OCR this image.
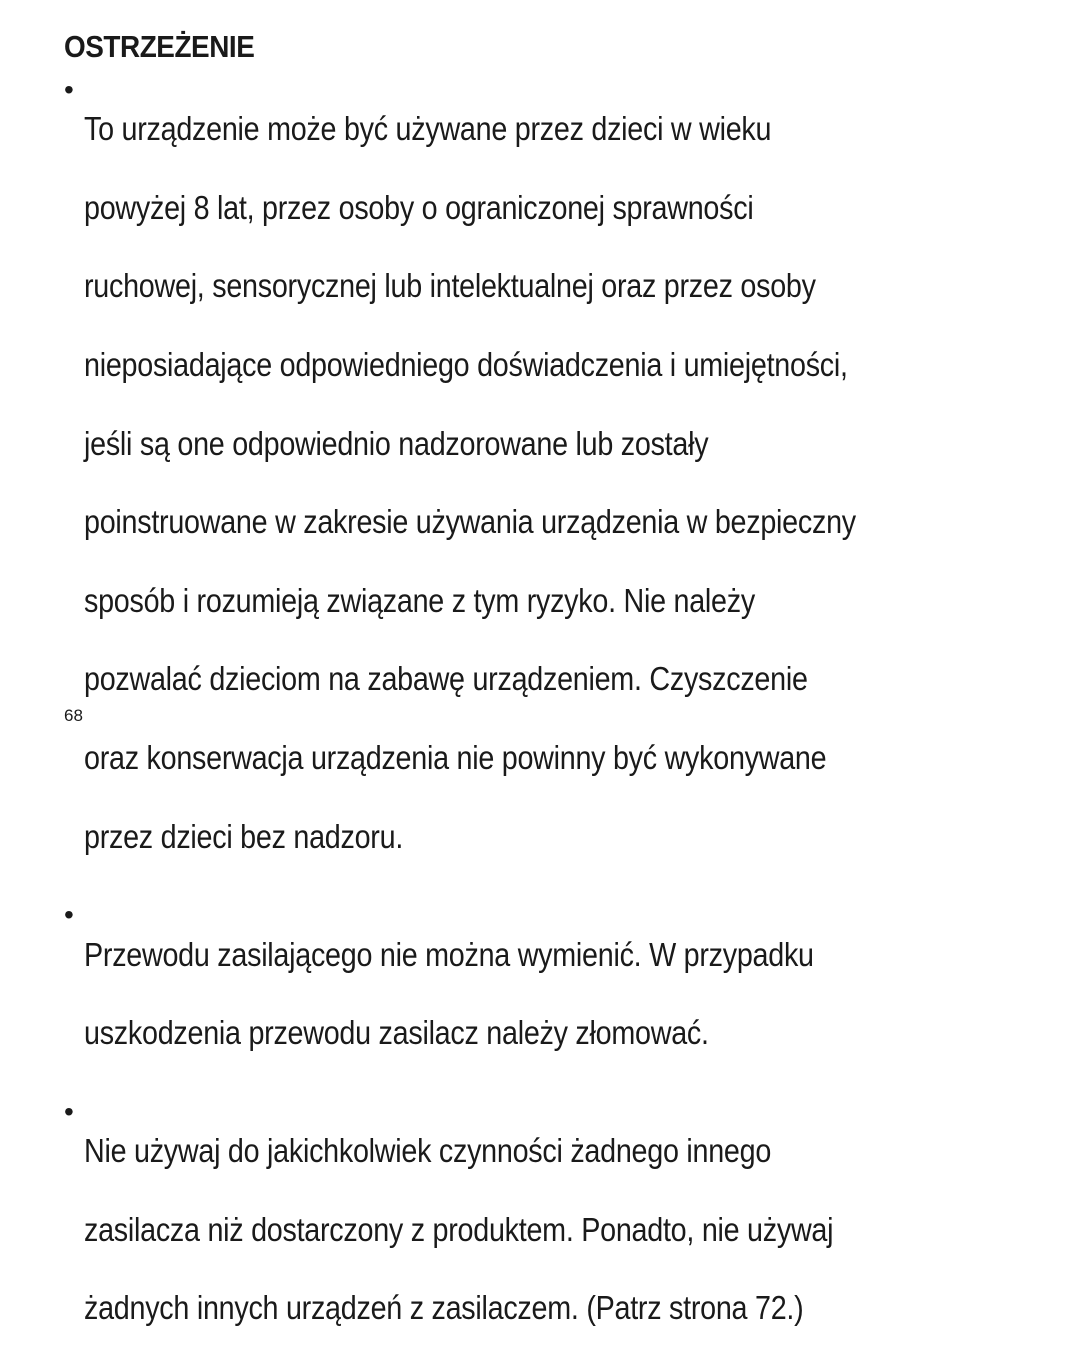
OSTRZEŻENIE
•

To urządzenie może być używane przez dzieci w wieku

powyżej 8 lat, przez osoby o ograniczonej sprawności

ruchowej, sensorycznej lub intelektualnej oraz przez osoby

nieposiadające odpowiedniego doświadczenia i umiejętności,

jeśli są one odpowiednio nadzorowane lub zostały

poinstruowane w zakresie używania urządzenia w bezpieczny

sposób i rozumieją związane z tym ryzyko. Nie należy

pozwalać dzieciom na zabawę urządzeniem. Czyszczenie

oraz konserwacja urządzenia nie powinny być wykonywane

przez dzieci bez nadzoru.

•

Przewodu zasilającego nie można wymienić. W przypadku

uszkodzenia przewodu zasilacz należy złomować.

•

Nie używaj do jakichkolwiek czynności żadnego innego

zasilacza niż dostarczony z produktem. Ponadto, nie używaj

żadnych innych urządzeń z zasilaczem. (Patrz strona 72.)

68
